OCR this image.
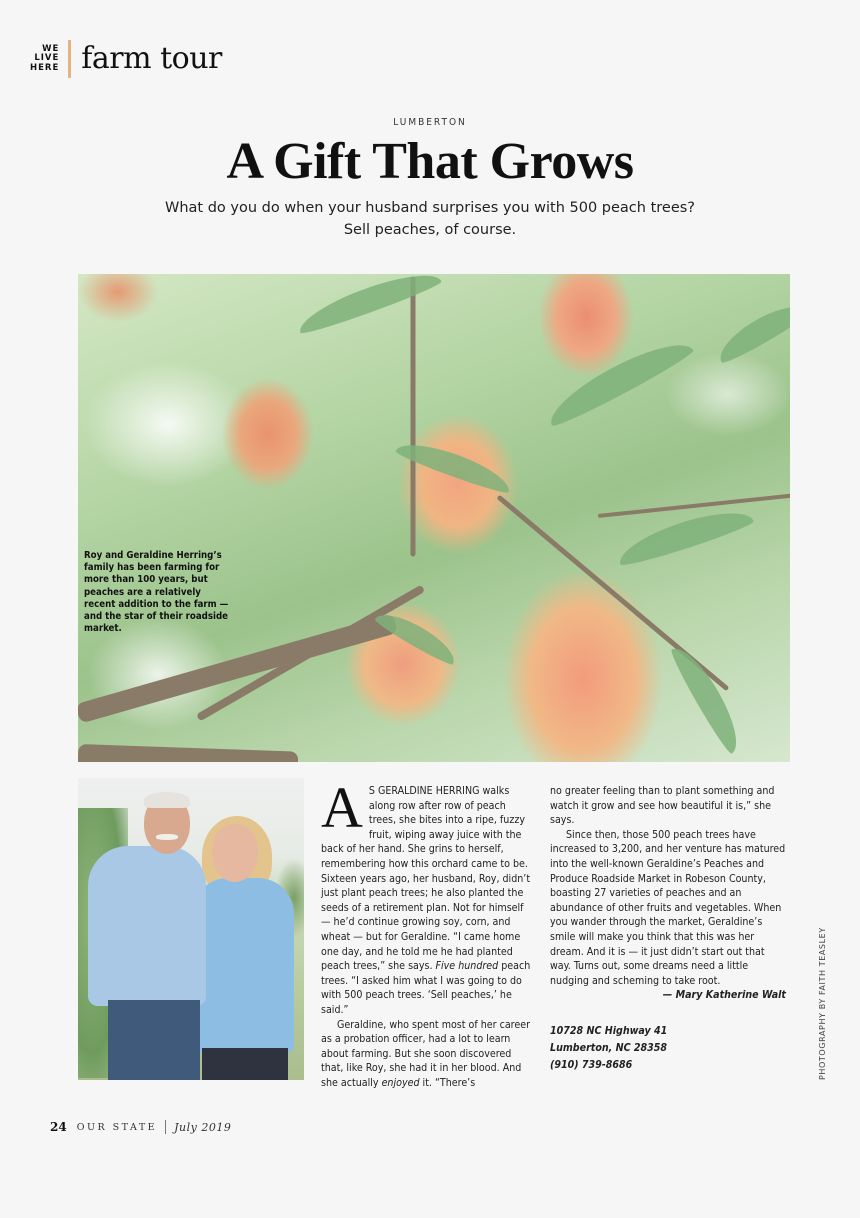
WE
LIVE
HERE farm tour
LUMBERTON
A Gift That Grows
What do you do when your husband surprises you with 500 peach trees?
Sell peaches, of course.
Roy and Geraldine Herring’s family has been farming for more than 100 years, but peaches are a relatively recent addition to the farm — and the star of their roadside market.

AS GERALDINE HERRING walks along row after row of peach trees, she bites into a ripe, fuzzy fruit, wiping away juice with the back of her hand. She grins to herself, remembering how this orchard came to be. Sixteen years ago, her husband, Roy, didn’t just plant peach trees; he also planted the seeds of a retirement plan. Not for himself — he’d continue growing soy, corn, and wheat — but for Geraldine. “I came home one day, and he told me he had planted peach trees,” she says. Five hundred peach trees. “I asked him what I was going to do with 500 peach trees. ‘Sell peaches,’ he said.”

Geraldine, who spent most of her career as a probation officer, had a lot to learn about farming. But she soon discovered that, like Roy, she had it in her blood. And she actually enjoyed it. “There’s

no greater feeling than to plant something and watch it grow and see how beautiful it is,” she says.

Since then, those 500 peach trees have increased to 3,200, and her venture has matured into the well-known Geraldine’s Peaches and Produce Roadside Market in Robeson County, boasting 27 varieties of peaches and an abundance of other fruits and vegetables. When you wander through the market, Geraldine’s smile will make you think that this was her dream. And it is — it just didn’t start out that way. Turns out, some dreams need a little nudging and scheming to take root.

— Mary Katherine Walt

10728 NC Highway 41
Lumberton, NC 28358
(910) 739-8686	PHOTOGRAPHY BY FAITH TEASLEY
24 OUR STATE July 2019
